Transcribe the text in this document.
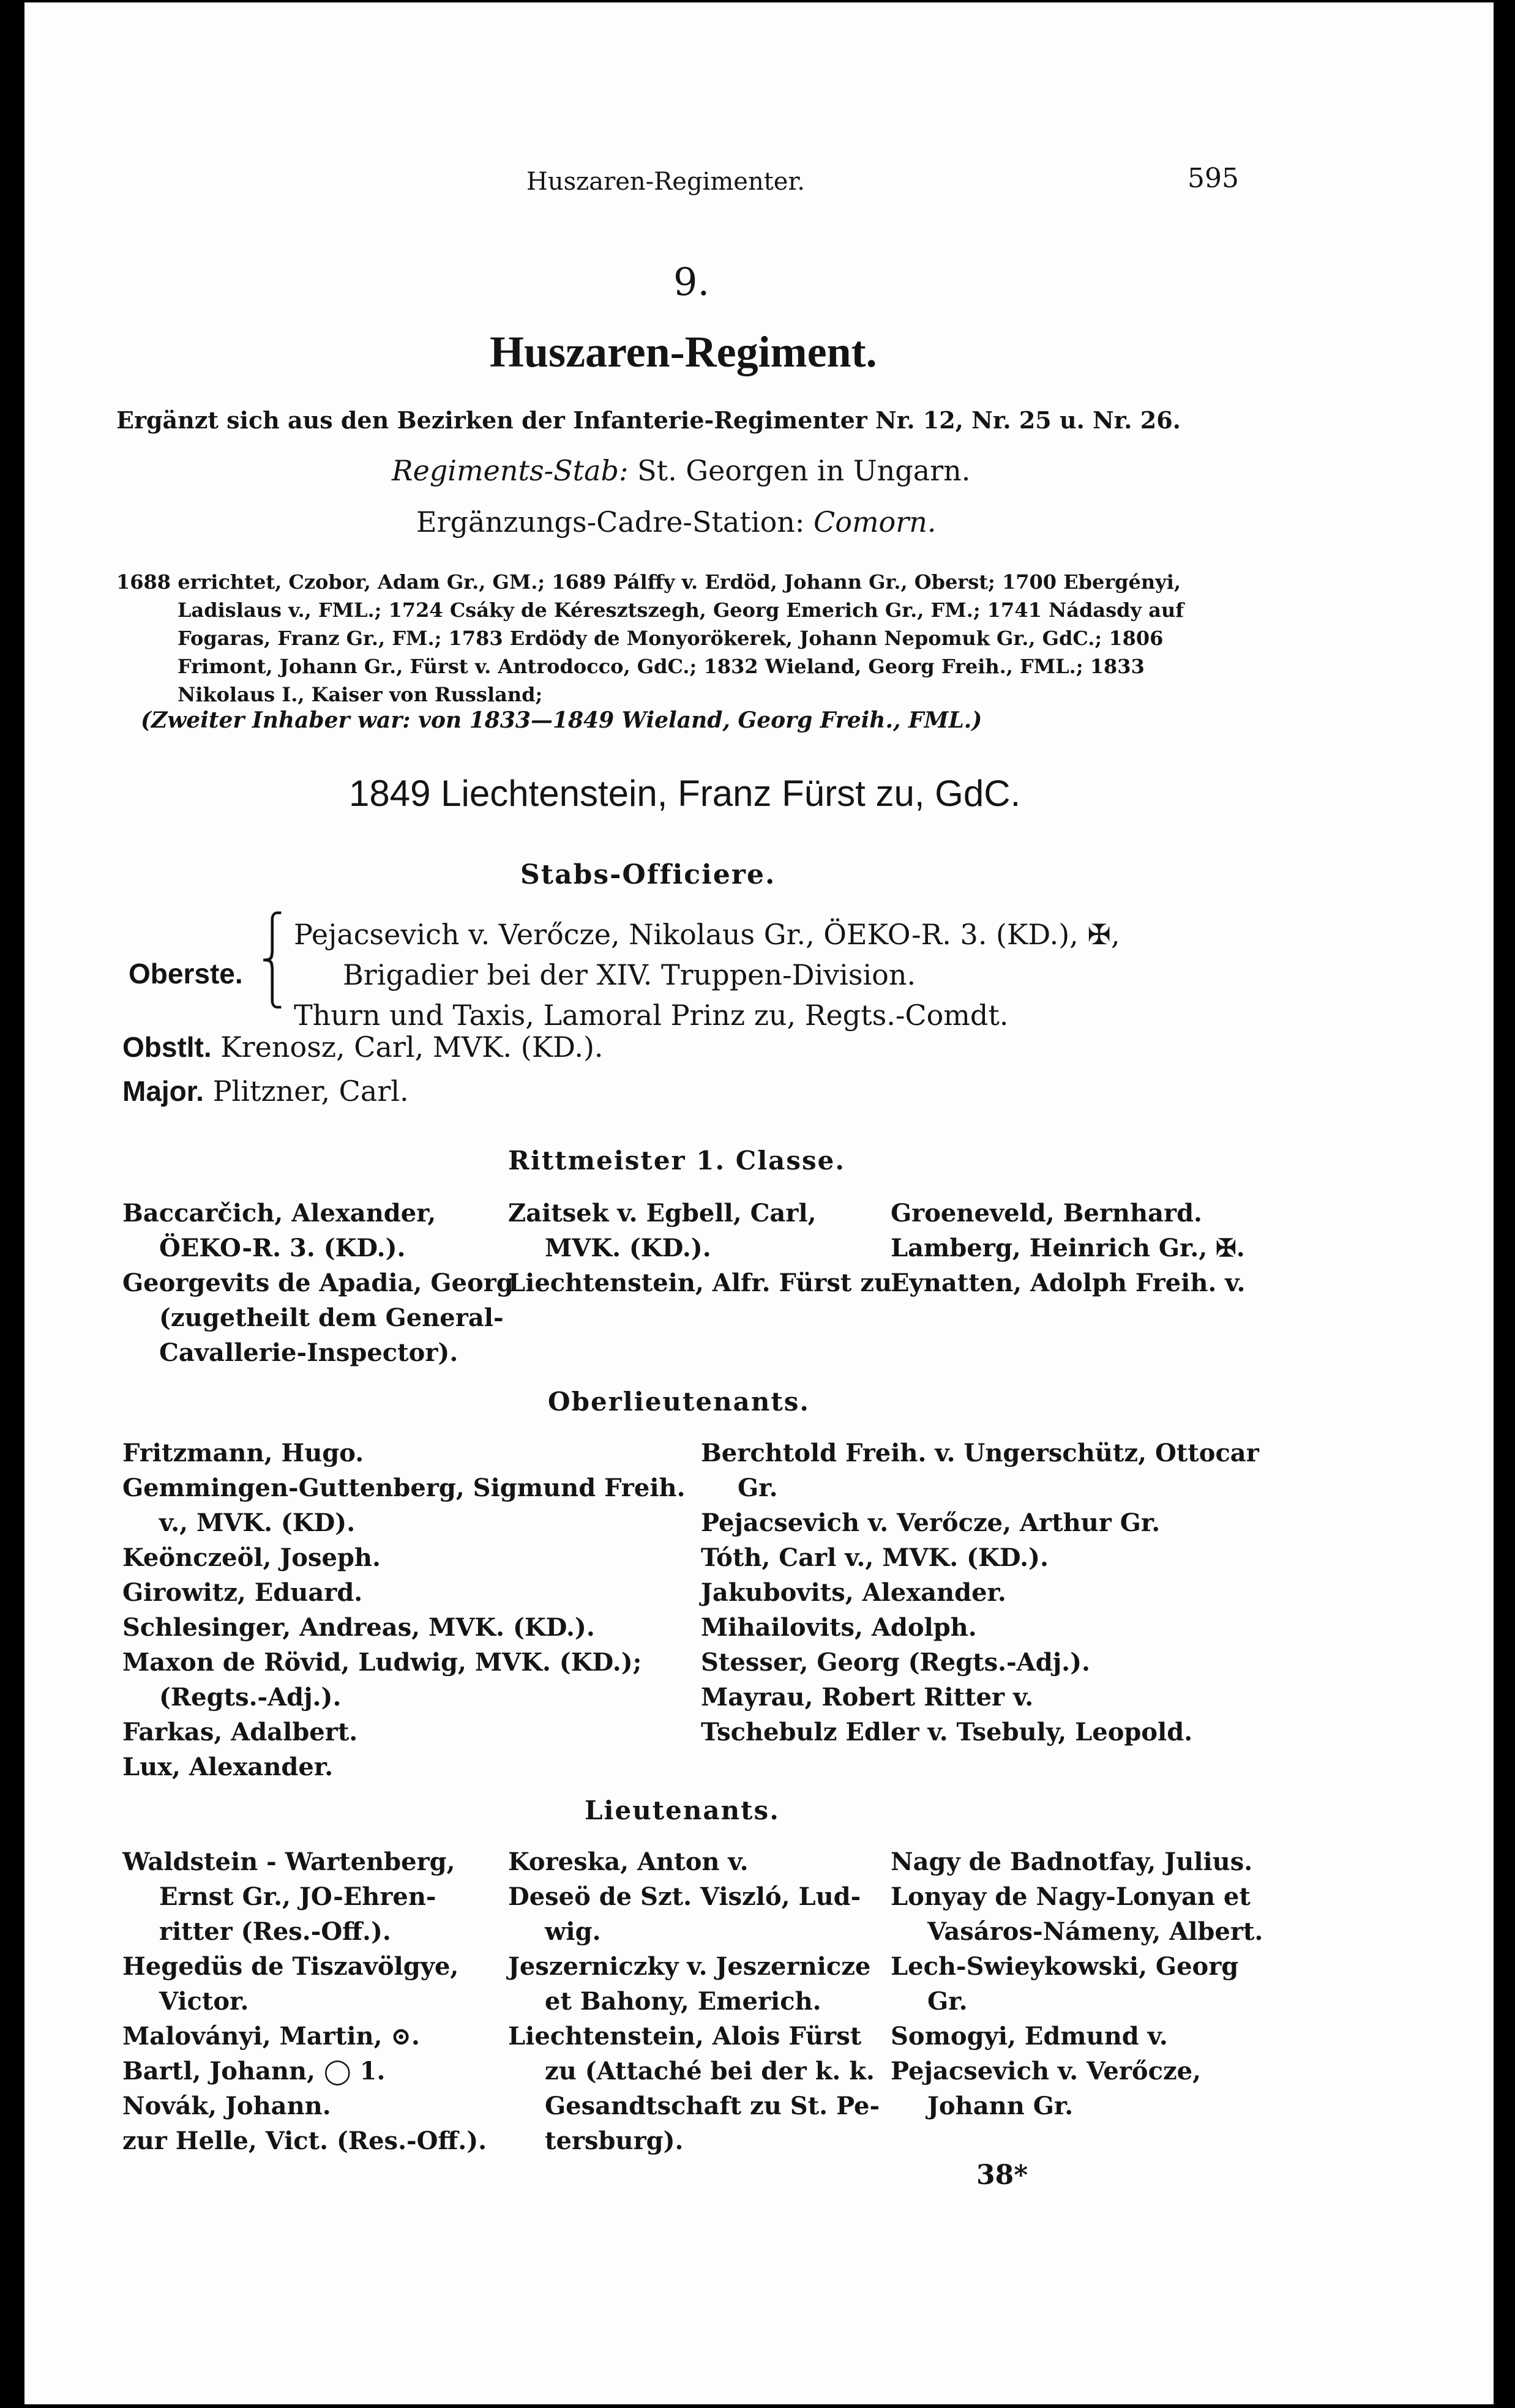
Huszaren-Regimenter.	595
9.
Huszaren-Regiment.
Ergänzt sich aus den Bezirken der Infanterie-Regimenter Nr. 12, Nr. 25 u. Nr. 26.
Regiments-Stab: St. Georgen in Ungarn.
Ergänzungs-Cadre-Station: Comorn.
1688 errichtet, Czobor, Adam Gr., GM.; 1689 Pálffy v. Erdöd, Johann Gr., Oberst; 1700 Ebergényi,
Ladislaus v., FML.; 1724 Csáky de Kéresztszegh, Georg Emerich Gr., FM.; 1741 Nádasdy auf
Fogaras, Franz Gr., FM.; 1783 Erdödy de Monyorökerek, Johann Nepomuk Gr., GdC.; 1806
Frimont, Johann Gr., Fürst v. Antrodocco, GdC.; 1832 Wieland, Georg Freih., FML.; 1833
Nikolaus I., Kaiser von Russland;
(Zweiter Inhaber war: von 1833—1849 Wieland, Georg Freih., FML.)
1849 Liechtenstein, Franz Fürst zu, GdC.
Stabs-Officiere.
Oberste.
⎧
⎨
⎩
Pejacsevich v. Verőcze, Nikolaus Gr., ÖEKO-R. 3. (KD.), ✠,
Brigadier bei der XIV. Truppen-Division.
Thurn und Taxis, Lamoral Prinz zu, Regts.-Comdt.
Obstlt. Krenosz, Carl, MVK. (KD.).
Major. Plitzner, Carl.
Rittmeister 1. Classe.
Baccarčich, Alexander,
ÖEKO-R. 3. (KD.).
Georgevits de Apadia, Georg
(zugetheilt dem General-
Cavallerie-Inspector).
Zaitsek v. Egbell, Carl,
MVK. (KD.).
Liechtenstein, Alfr. Fürst zu.
Groeneveld, Bernhard.
Lamberg, Heinrich Gr., ✠.
Eynatten, Adolph Freih. v.
Oberlieutenants.
Fritzmann, Hugo.
Gemmingen-Guttenberg, Sigmund Freih.
v., MVK. (KD).
Keönczeöl, Joseph.
Girowitz, Eduard.
Schlesinger, Andreas, MVK. (KD.).
Maxon de Rövid, Ludwig, MVK. (KD.);
(Regts.-Adj.).
Farkas, Adalbert.
Lux, Alexander.
Berchtold Freih. v. Ungerschütz, Ottocar
Gr.
Pejacsevich v. Verőcze, Arthur Gr.
Tóth, Carl v., MVK. (KD.).
Jakubovits, Alexander.
Mihailovits, Adolph.
Stesser, Georg (Regts.-Adj.).
Mayrau, Robert Ritter v.
Tschebulz Edler v. Tsebuly, Leopold.
Lieutenants.
Waldstein - Wartenberg,
Ernst Gr., JO-Ehren-
ritter (Res.-Off.).
Hegedüs de Tiszavölgye,
Victor.
Maloványi, Martin, ⊙.
Bartl, Johann, ◯ 1.
Novák, Johann.
zur Helle, Vict. (Res.-Off.).
Koreska, Anton v.
Deseö de Szt. Viszló, Lud-
wig.
Jeszerniczky v. Jeszernicze
et Bahony, Emerich.
Liechtenstein, Alois Fürst
zu (Attaché bei der k. k.
Gesandtschaft zu St. Pe-
tersburg).
Nagy de Badnotfay, Julius.
Lonyay de Nagy-Lonyan et
Vasáros-Námeny, Albert.
Lech-Swieykowski, Georg
Gr.
Somogyi, Edmund v.
Pejacsevich v. Verőcze,
Johann Gr.
38*
